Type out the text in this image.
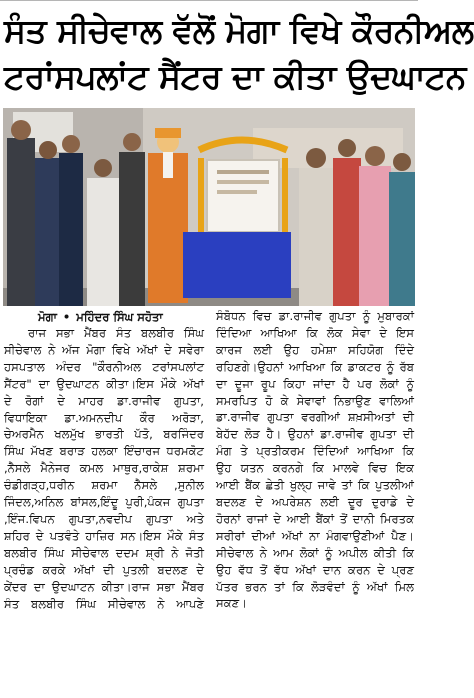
ਸੰਤ ਸੀਚੇਵਾਲ ਵੱਲੋਂ ਮੋਗਾ ਵਿਖੇ ਕੌਰਨੀਅਲ
ਟਰਾਂਸਪਲਾਂਟ ਸੈਂਟਰ ਦਾ ਕੀਤਾ ਉਦਘਾਟਨ
ਮੋਗਾ • ਮਹਿੰਦਰ ਸਿੰਘ ਸਹੋਤਾ

ਰਾਜ ਸਭਾ ਮੈਂਬਰ ਸੰਤ ਬਲਬੀਰ ਸਿੰਘ ਸੀਚੇਵਾਲ ਨੇ ਅੱਜ ਮੋਗਾ ਵਿਖੇ ਅੱਖਾਂ ਦੇ ਸਵੇਰਾ ਹਸਪਤਾਲ ਅੰਦਰ "ਕੌਰਨੀਅਲ ਟਰਾਂਸਪਲਾਂਟ ਸੈਂਟਰ" ਦਾ ਉਦਘਾਟਨ ਕੀਤਾ।ਇਸ ਮੌਕੇ ਅੱਖਾਂ ਦੇ ਰੋਗਾਂ ਦੇ ਮਾਹਰ ਡਾ.ਰਾਜੀਵ ਗੁਪਤਾ, ਵਿਧਾਇਕਾ ਡਾ.ਅਮਨਦੀਪ ਕੌਰ ਅਰੋੜਾ, ਚੇਅਰਮੈਨ ਖਲਮੁੱਖ ਭਾਰਤੀ ਪੱਤੋ, ਬਰਜਿੰਦਰ ਸਿੰਘ ਮੱਖਣ ਬਰਾੜ ਹਲਕਾ ਇੰਚਾਰਜ ਧਰਮਕੋਟ ,ਨੈਸਲੇ ਮੈਨੇਜਰ ਕਮਲ ਮਾਥੁਰ,ਰਾਕੇਸ਼ ਸ਼ਰਮਾ ਚੰਡੀਗੜ੍ਹ,ਧਰੀਨ ਸ਼ਰਮਾ ਨੈਸਲੇ ,ਸੁਨੀਲ ਜਿੰਦਲ,ਅਨਿਲ ਬਾਂਸਲ,ਇੰਦੂ ਪੁਰੀ,ਪੰਕਜ ਗੁਪਤਾ ,ਇੰਜ.ਵਿਪਨ ਗੁਪਤਾ,ਨਵਦੀਪ ਗੁਪਤਾ ਅਤੇ ਸ਼ਹਿਰ ਦੇ ਪਤਵੰਤੇ ਹਾਜ਼ਿਰ ਸਨ।ਇਸ ਮੌਕੇ ਸੰਤ ਬਲਬੀਰ ਸਿੰਘ ਸੀਚੇਵਾਲ ਦਦਮ ਸ਼੍ਰੀ ਨੇ ਜੋਤੀ ਪ੍ਰਚੰਡ ਕਰਕੇ ਅੱਖਾਂ ਦੀ ਪੁਤਲੀ ਬਦਲਣ ਦੇ ਕੇਂਦਰ ਦਾ ਉਦਘਾਟਨ ਕੀਤਾ।ਰਾਜ ਸਭਾ ਮੈਂਬਰ ਸੰਤ ਬਲਬੀਰ ਸਿੰਘ ਸੀਚੇਵਾਲ ਨੇ ਆਪਣੇ

ਸੰਬੋਧਨ ਵਿਚ ਡਾ.ਰਾਜੀਵ ਗੁਪਤਾ ਨੂੰ ਮੁਬਾਰਕਾਂ ਦਿੰਦਿਆ ਆਖਿਆ ਕਿ ਲੋਕ ਸੇਵਾ ਦੇ ਇਸ ਕਾਰਜ ਲਈ ਉਹ ਹਮੇਸ਼ਾ ਸਹਿਯੋਗ ਦਿੰਦੇ ਰਹਿਣਗੇ।ਉਹਨਾਂ ਆਖਿਆ ਕਿ ਡਾਕਟਰ ਨੂੰ ਰੱਬ ਦਾ ਦੂਜਾ ਰੂਪ ਕਿਹਾ ਜਾਂਦਾ ਹੈ ਪਰ ਲੋਕਾਂ ਨੂੰ ਸਮਰਪਿਤ ਹੋ ਕੇ ਸੇਵਾਵਾਂ ਨਿਭਾਉਣ ਵਾਲਿਆਂ ਡਾ.ਰਾਜੀਵ ਗੁਪਤਾ ਵਰਗੀਆਂ ਸ਼ਖ਼ਸੀਅਤਾਂ ਦੀ ਬੇਹੱਦ ਲੋੜ ਹੈ। ਉਹਨਾਂ ਡਾ.ਰਾਜੀਵ ਗੁਪਤਾ ਦੀ ਮੰਗ ਤੇ ਪ੍ਰਤੀਕਰਮ ਦਿੰਦਿਆਂ ਆਖਿਆ ਕਿ ਉਹ ਯਤਨ ਕਰਨਗੇ ਕਿ ਮਾਲਵੇ ਵਿਚ ਇਕ ਆਈ ਬੈਂਕ ਛੇਤੀ ਖੁਲ੍ਹ ਜਾਵੇ ਤਾਂ ਕਿ ਪੁਤਲੀਆਂ ਬਦਲਣ ਦੇ ਅਪਰੇਸ਼ਨ ਲਈ ਦੂਰ ਦੁਰਾਡੇ ਦੇ ਹੋਰਨਾਂ ਰਾਜਾਂ ਦੇ ਆਈ ਬੈਂਕਾਂ ਤੋਂ ਦਾਨੀ ਮਿਰਤਕ ਸਰੀਰਾਂ ਦੀਆਂ ਅੱਖਾਂ ਨਾ ਮੰਗਵਾਉਣੀਆਂ ਪੈਣ।ਸੀਚੇਵਾਲ ਨੇ ਆਮ ਲੋਕਾਂ ਨੂੰ ਅਪੀਲ ਕੀਤੀ ਕਿ ਉਹ ਵੱਧ ਤੋਂ ਵੱਧ ਅੱਖਾਂ ਦਾਨ ਕਰਨ ਦੇ ਪ੍ਰਣ ਪੱਤਰ ਭਰਨ ਤਾਂ ਕਿ ਲੋੜਵੰਦਾਂ ਨੂੰ ਅੱਖਾਂ ਮਿਲ ਸਕਣ।
